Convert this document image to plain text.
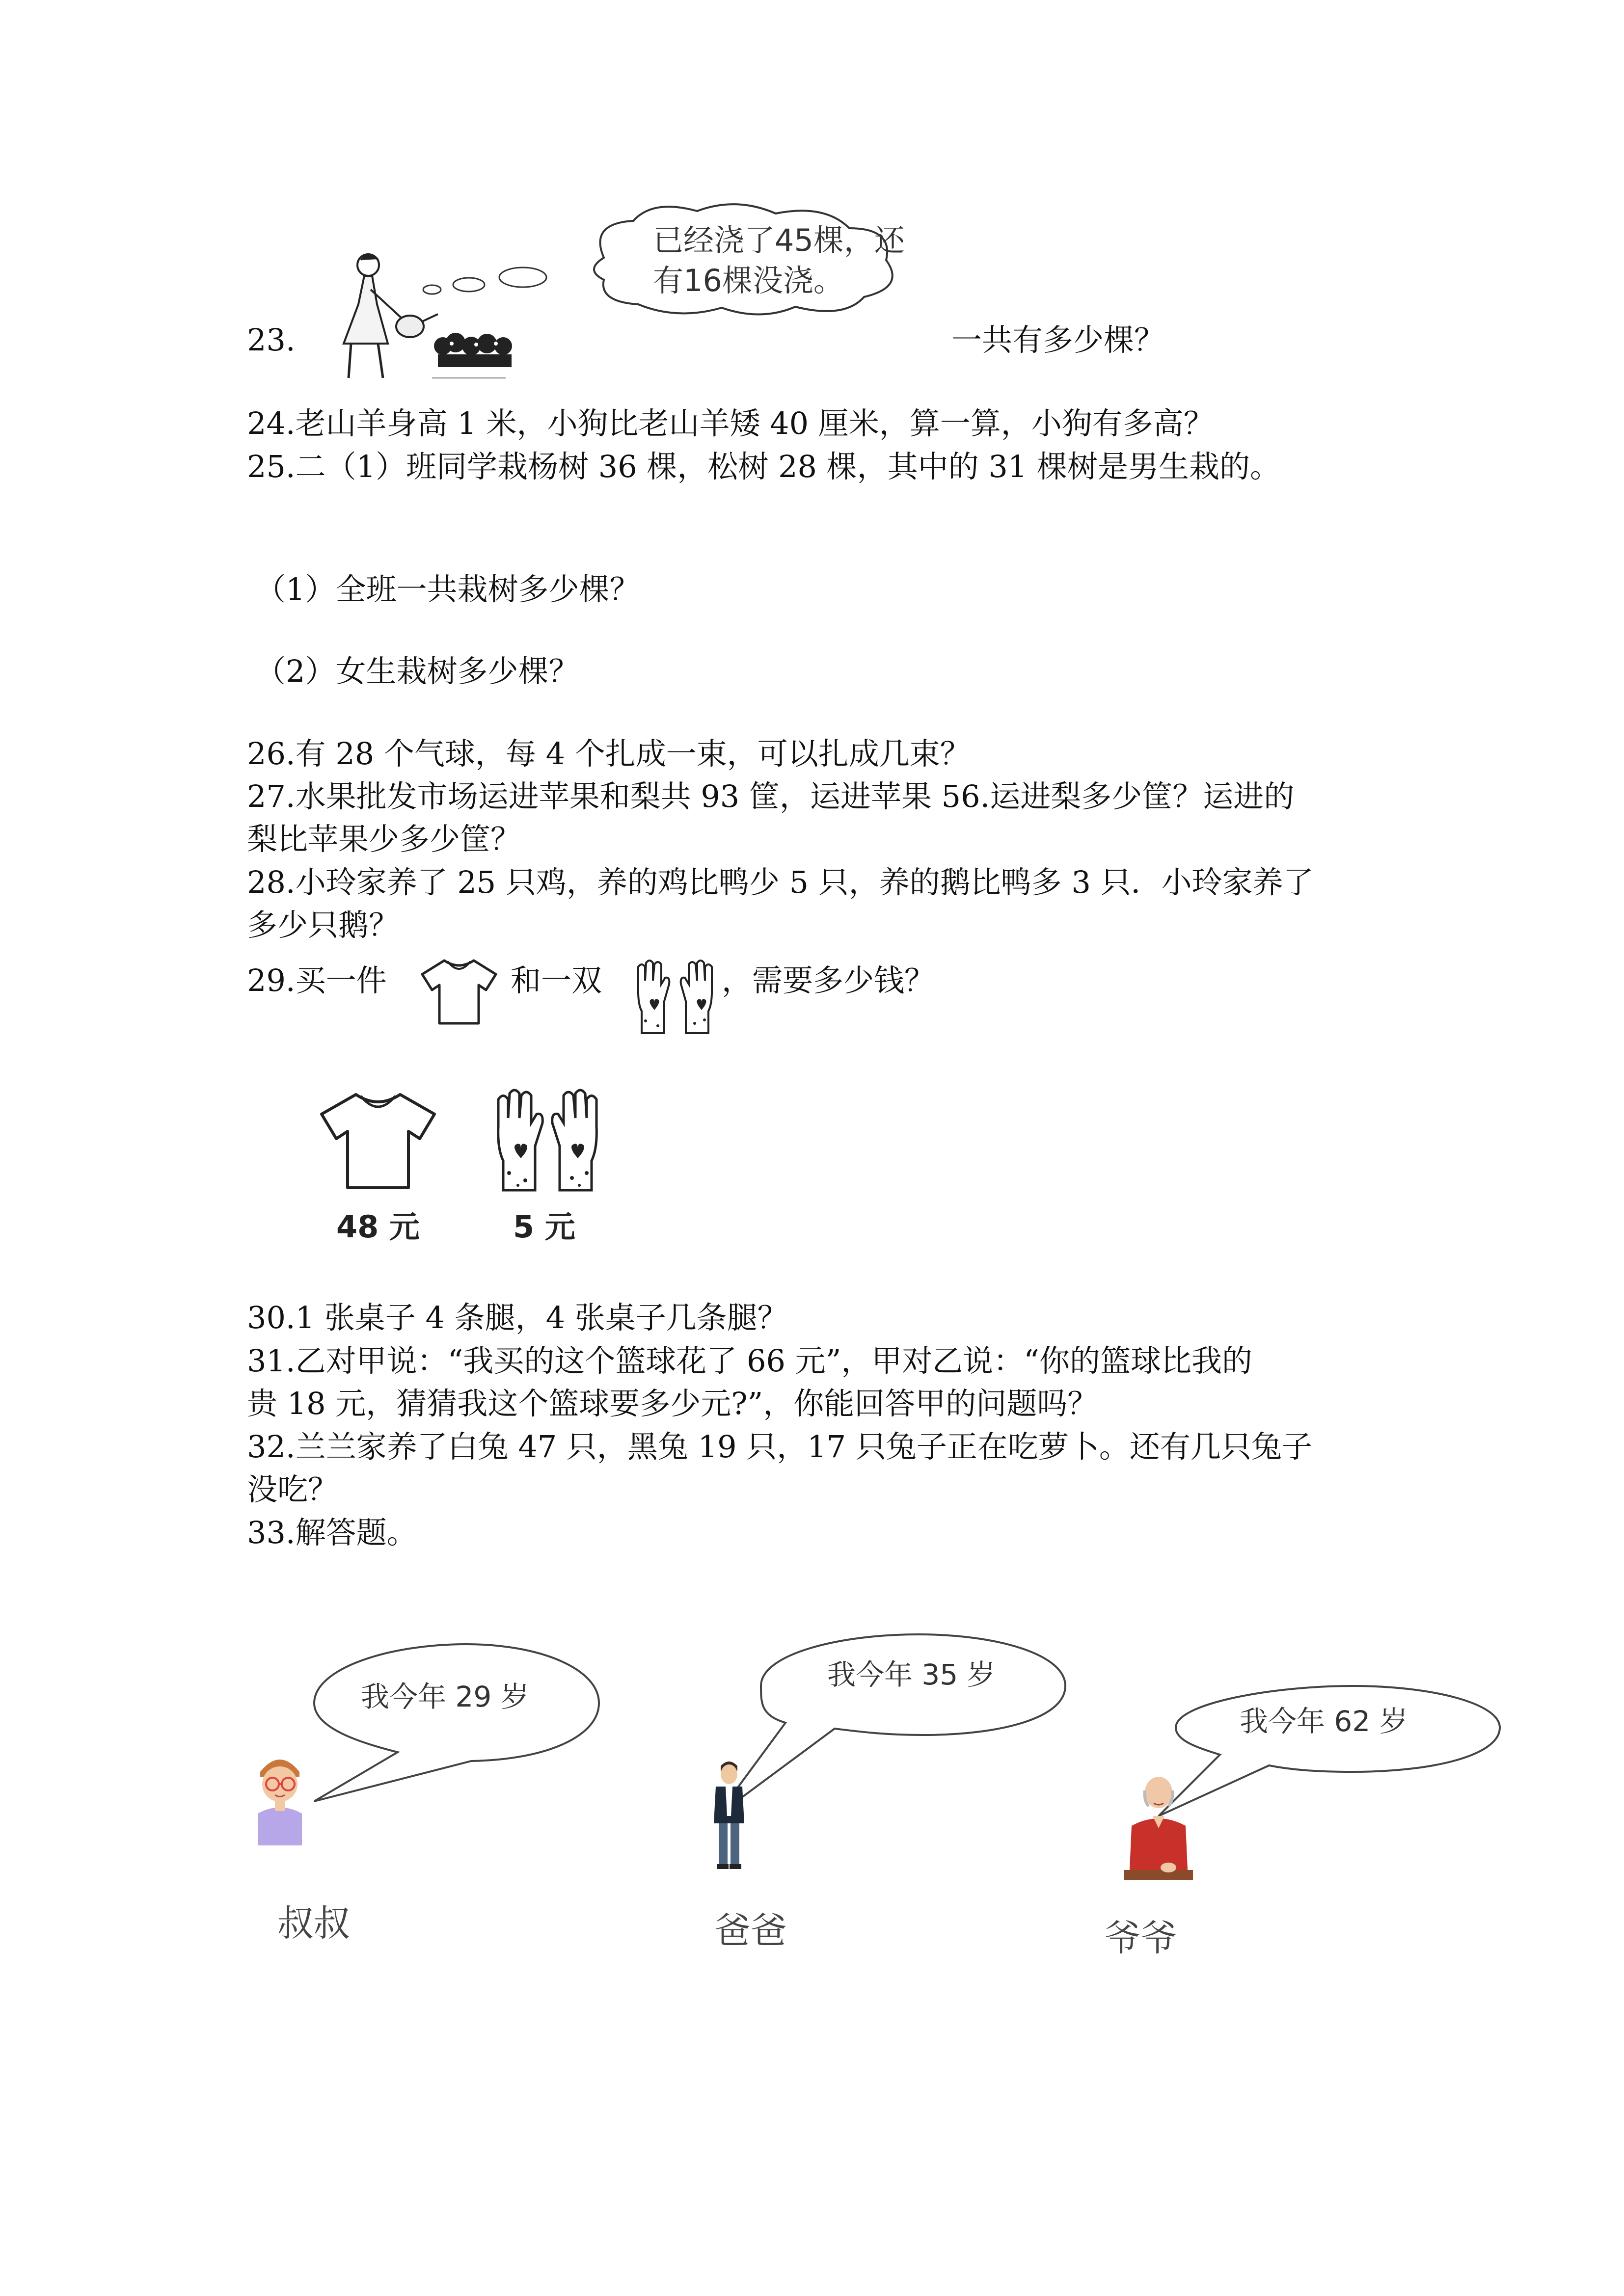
已经浇了45棵，还
有16棵没浇。
23.	一共有多少棵？
24.老山羊身高 1 米，小狗比老山羊矮 40 厘米，算一算，小狗有多高？
25.二（1）班同学栽杨树 36 棵，松树 28 棵，其中的 31 棵树是男生栽的。
（1）全班一共栽树多少棵？
（2）女生栽树多少棵？
26.有 28 个气球，每 4 个扎成一束，可以扎成几束？
27.水果批发市场运进苹果和梨共 93 筐，运进苹果 56.运进梨多少筐？运进的
梨比苹果少多少筐？
28.小玲家养了 25 只鸡，养的鸡比鸭少 5 只，养的鹅比鸭多 3 只．小玲家养了
多少只鹅？
29.买一件	和一双	，需要多少钱？
48 元	5 元
30.1 张桌子 4 条腿，4 张桌子几条腿？
31.乙对甲说：“我买的这个篮球花了 66 元”，甲对乙说：“你的篮球比我的
贵 18 元，猜猜我这个篮球要多少元?”，你能回答甲的问题吗？
32.兰兰家养了白兔 47 只，黑兔 19 只，17 只兔子正在吃萝卜。还有几只兔子
没吃？
33.解答题。
我今年 29 岁
叔叔
我今年 35 岁
爸爸
我今年 62 岁
爷爷
